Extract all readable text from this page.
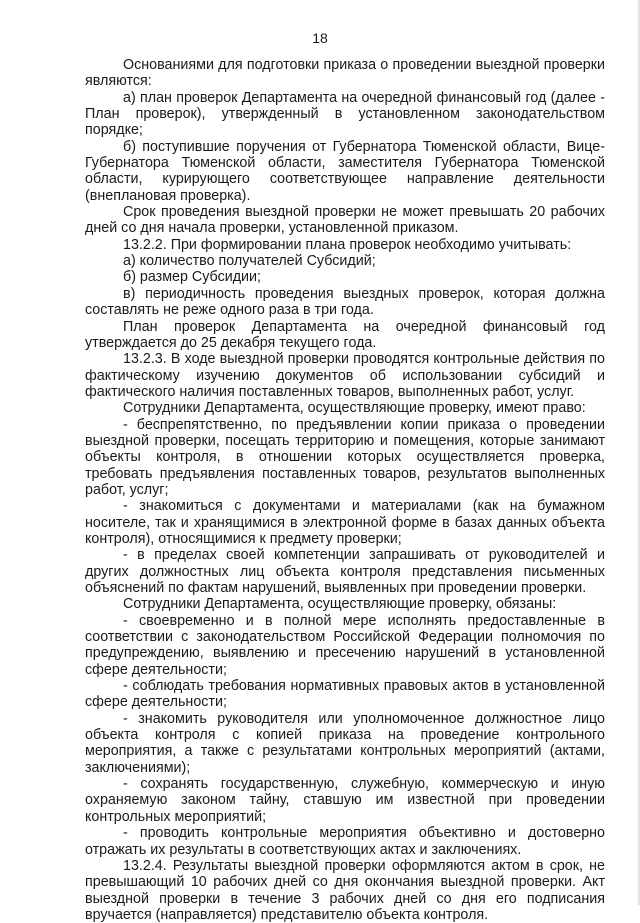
18

Основаниями для подготовки приказа о проведении выездной проверки являются:

а) план проверок Департамента на очередной финансовый год (далее - План проверок), утвержденный в установленном законодательством порядке;

б) поступившие поручения от Губернатора Тюменской области, Вице-Губернатора Тюменской области, заместителя Губернатора Тюменской области, курирующего соответствующее направление деятельности (внеплановая проверка).

Срок проведения выездной проверки не может превышать 20 рабочих дней со дня начала проверки, установленной приказом.

13.2.2. При формировании плана проверок необходимо учитывать:

а) количество получателей Субсидий;

б) размер Субсидии;

в) периодичность проведения выездных проверок, которая должна составлять не реже одного раза в три года.

План проверок Департамента на очередной финансовый год утверждается до 25 декабря текущего года.

13.2.3. В ходе выездной проверки проводятся контрольные действия по фактическому изучению документов об использовании субсидий и фактического наличия поставленных товаров, выполненных работ, услуг.

Сотрудники Департамента, осуществляющие проверку, имеют право:

- беспрепятственно, по предъявлении копии приказа о проведении выездной проверки, посещать территорию и помещения, которые занимают объекты контроля, в отношении которых осуществляется проверка, требовать предъявления поставленных товаров, результатов выполненных работ, услуг;

- знакомиться с документами и материалами (как на бумажном носителе, так и хранящимися в электронной форме в базах данных объекта контроля), относящимися к предмету проверки;

- в пределах своей компетенции запрашивать от руководителей и других должностных лиц объекта контроля представления письменных объяснений по фактам нарушений, выявленных при проведении проверки.

Сотрудники Департамента, осуществляющие проверку, обязаны:

- своевременно и в полной мере исполнять предоставленные в соответствии с законодательством Российской Федерации полномочия по предупреждению, выявлению и пресечению нарушений в установленной сфере деятельности;

- соблюдать требования нормативных правовых актов в установленной сфере деятельности;

- знакомить руководителя или уполномоченное должностное лицо объекта контроля с копией приказа на проведение контрольного мероприятия, а также с результатами контрольных мероприятий (актами, заключениями);

- сохранять государственную, служебную, коммерческую и иную охраняемую законом тайну, ставшую им известной при проведении контрольных мероприятий;

- проводить контрольные мероприятия объективно и достоверно отражать их результаты в соответствующих актах и заключениях.

13.2.4. Результаты выездной проверки оформляются актом в срок, не превышающий 10 рабочих дней со дня окончания выездной проверки. Акт выездной проверки в течение 3 рабочих дней со дня его подписания вручается (направляется) представителю объекта контроля.
